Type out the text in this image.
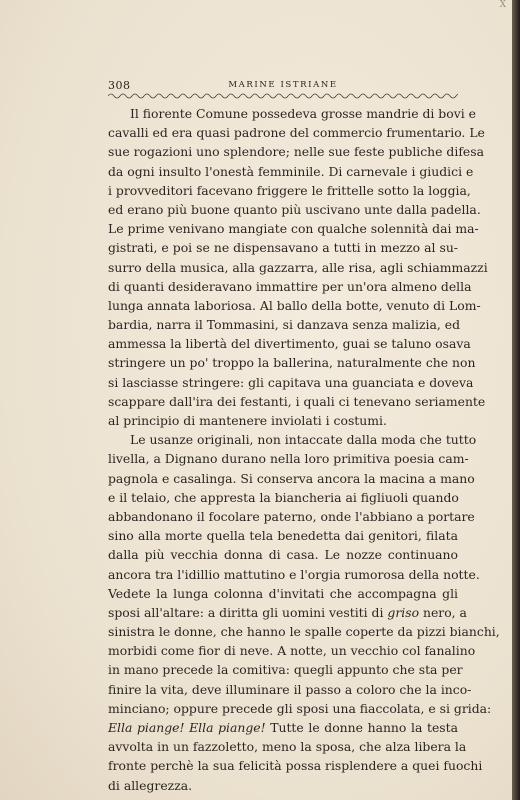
X
308	MARINE ISTRIANE
Il fiorente Comune possedeva grosse mandrie di bovi e
cavalli ed era quasi padrone del commercio frumentario. Le
sue rogazioni uno splendore; nelle sue feste publiche difesa
da ogni insulto l'onestà femminile. Di carnevale i giudici e
i provveditori facevano friggere le frittelle sotto la loggia,
ed erano più buone quanto più uscivano unte dalla padella.
Le prime venivano mangiate con qualche solennità dai ma-
gistrati, e poi se ne dispensavano a tutti in mezzo al su-
surro della musica, alla gazzarra, alle risa, agli schiammazzi
di quanti desideravano immattire per un'ora almeno della
lunga annata laboriosa. Al ballo della botte, venuto di Lom-
bardia, narra il Tommasini, si danzava senza malizia, ed
ammessa la libertà del divertimento, guai se taluno osava
stringere un po' troppo la ballerina, naturalmente che non
si lasciasse stringere: gli capitava una guanciata e doveva
scappare dall'ira dei festanti, i quali ci tenevano seriamente
al principio di mantenere inviolati i costumi.
Le usanze originali, non intaccate dalla moda che tutto
livella, a Dignano durano nella loro primitiva poesia cam-
pagnola e casalinga. Si conserva ancora la macina a mano
e il telaio, che appresta la biancheria ai figliuoli quando
abbandonano il focolare paterno, onde l'abbiano a portare
sino alla morte quella tela benedetta dai genitori, filata
dalla più vecchia donna di casa. Le nozze continuano
ancora tra l'idillio mattutino e l'orgia rumorosa della notte.
Vedete la lunga colonna d'invitati che accompagna gli
sposi all'altare: a diritta gli uomini vestiti di griso nero, a
sinistra le donne, che hanno le spalle coperte da pizzi bianchi,
morbidi come fior di neve. A notte, un vecchio col fanalino
in mano precede la comitiva: quegli appunto che sta per
finire la vita, deve illuminare il passo a coloro che la inco-
minciano; oppure precede gli sposi una fiaccolata, e si grida:
Ella piange! Ella piange! Tutte le donne hanno la testa
avvolta in un fazzoletto, meno la sposa, che alza libera la
fronte perchè la sua felicità possa risplendere a quei fuochi
di allegrezza.
